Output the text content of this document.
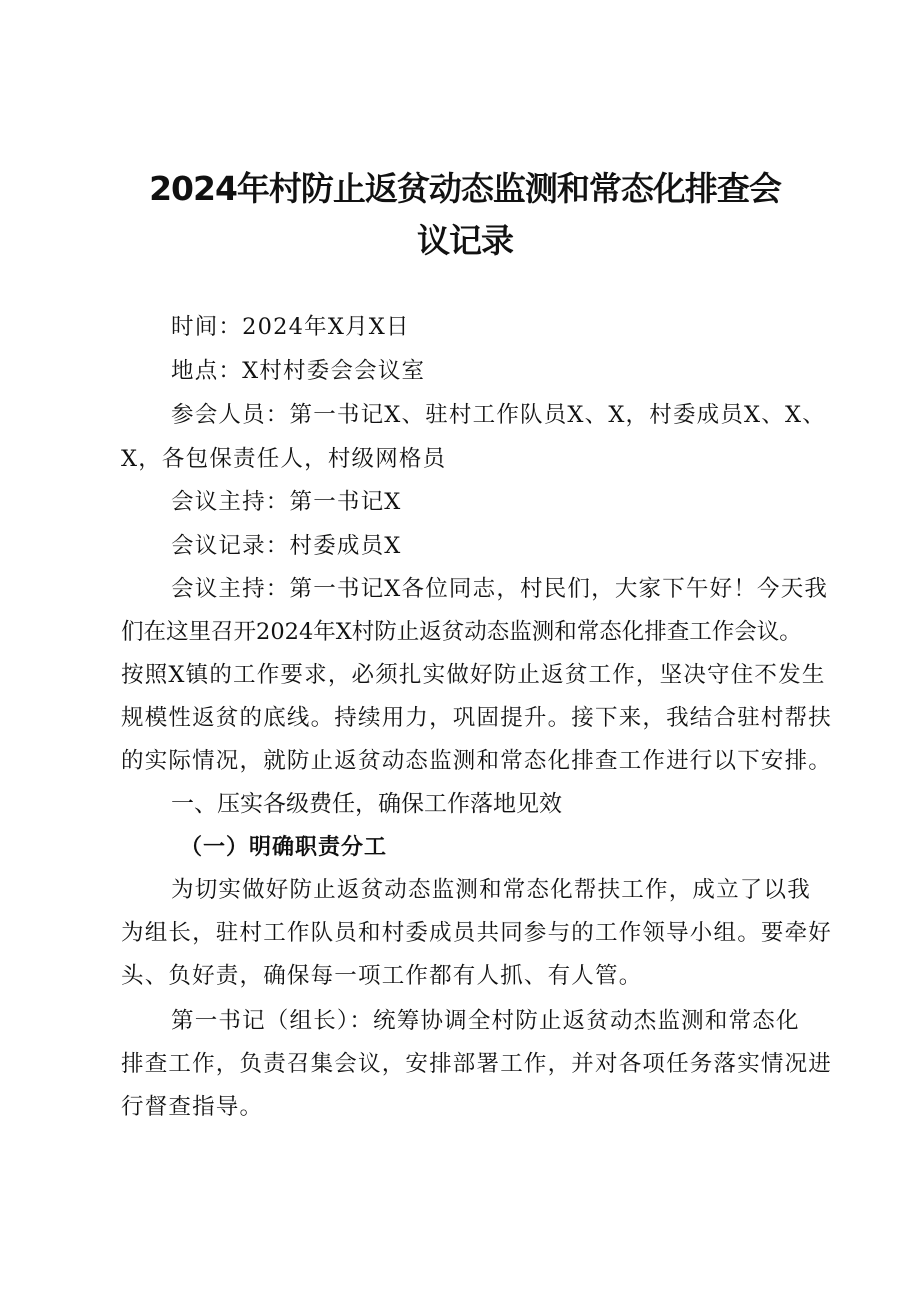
2024年村防止返贫动态监测和常态化排查会
议记录
时间：2024年X月X日
地点：X村村委会会议室
参会人员：第一书记X、驻村工作队员X、X，村委成员X、X、
X，各包保责任人，村级网格员
会议主持：第一书记X
会议记录：村委成员X
会议主持：第一书记X各位同志，村民们，大家下午好！今天我
们在这里召开2024年X村防止返贫动态监测和常态化排查工作会议。
按照X镇的工作要求，必须扎实做好防止返贫工作，坚决守住不发生
规模性返贫的底线。持续用力，巩固提升。接下来，我结合驻村帮扶
的实际情况，就防止返贫动态监测和常态化排查工作进行以下安排。
一、压实各级费任，确保工作落地见效
（一）明确职责分工
为切实做好防止返贫动态监测和常态化帮扶工作，成立了以我
为组长，驻村工作队员和村委成员共同参与的工作领导小组。要牵好
头、负好责，确保每一项工作都有人抓、有人管。
第一书记（组长）：统筹协调全村防止返贫动杰监测和常态化
排查工作，负责召集会议，安排部署工作，并对各项任务落实情况进
行督查指导。
